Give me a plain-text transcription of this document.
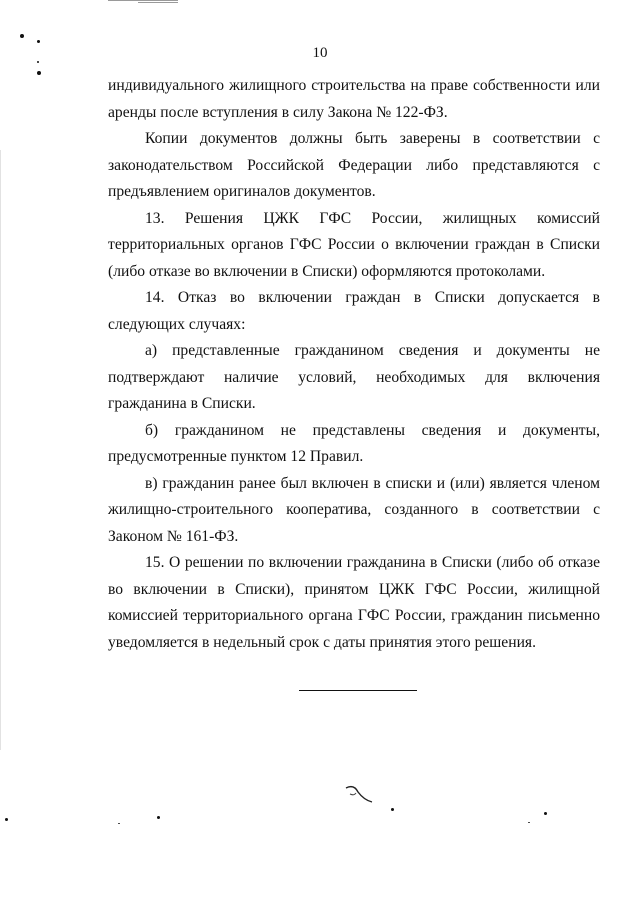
10

индивидуального жилищного строительства на праве собственности или аренды после вступления в силу Закона № 122-ФЗ.

Копии документов должны быть заверены в соответствии с законодательством Российской Федерации либо представляются с предъявлением оригиналов документов.

13. Решения ЦЖК ГФС России, жилищных комиссий территориальных органов ГФС России о включении граждан в Списки (либо отказе во включении в Списки) оформляются протоколами.

14. Отказ во включении граждан в Списки допускается в следующих случаях:

а) представленные гражданином сведения и документы не подтверждают наличие условий, необходимых для включения гражданина в Списки.

б) гражданином не представлены сведения и документы, предусмотренные пунктом 12 Правил.

в) гражданин ранее был включен в списки и (или) является членом жилищно-строительного кооператива, созданного в соответствии с Законом № 161-ФЗ.

15. О решении по включении гражданина в Списки (либо об отказе во включении в Списки), принятом ЦЖК ГФС России, жилищной комиссией территориального органа ГФС России, гражданин письменно уведомляется в недельный срок с даты принятия этого решения.
